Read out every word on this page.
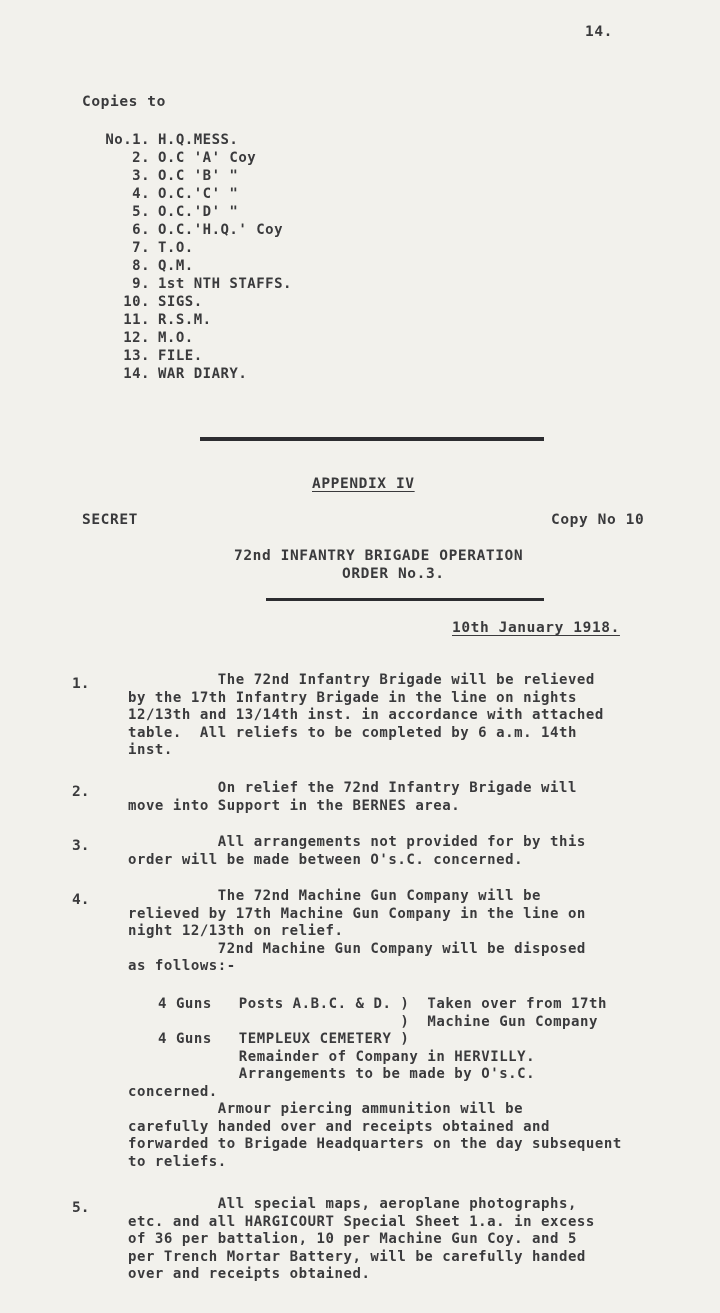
14.
Copies to
No.1. H.Q.MESS.
2. O.C 'A' Coy
3. O.C 'B' "
4. O.C.'C' "
5. O.C.'D' "
6. O.C.'H.Q.' Coy
7. T.O.
8. Q.M.
9. 1st NTH STAFFS.
10. SIGS.
11. R.S.M.
12. M.O.
13. FILE.
14. WAR DIARY.
APPENDIX IV
SECRET	Copy No 10
72nd INFANTRY BRIGADE OPERATION
ORDER No.3.
10th January 1918.
1.	The 72nd Infantry Brigade will be relieved

by the 17th Infantry Brigade in the line on nights

12/13th and 13/14th inst. in accordance with attached

table.  All reliefs to be completed by 6 a.m. 14th

inst.

2.	On relief the 72nd Infantry Brigade will

move into Support in the BERNES area.

3.	All arrangements not provided for by this

order will be made between O's.C. concerned.

4.	The 72nd Machine Gun Company will be

relieved by 17th Machine Gun Company in the line on

night 12/13th on relief.

72nd Machine Gun Company will be disposed

as follows:-

4 Guns   Posts A.B.C. & D. )  Taken over from 17th

)  Machine Gun Company

4 Guns   TEMPLEUX CEMETERY )

Remainder of Company in HERVILLY.

Arrangements to be made by O's.C.

concerned.

Armour piercing ammunition will be

carefully handed over and receipts obtained and

forwarded to Brigade Headquarters on the day subsequent

to reliefs.

5.	All special maps, aeroplane photographs,

etc. and all HARGICOURT Special Sheet 1.a. in excess

of 36 per battalion, 10 per Machine Gun Coy. and 5

per Trench Mortar Battery, will be carefully handed

over and receipts obtained.
